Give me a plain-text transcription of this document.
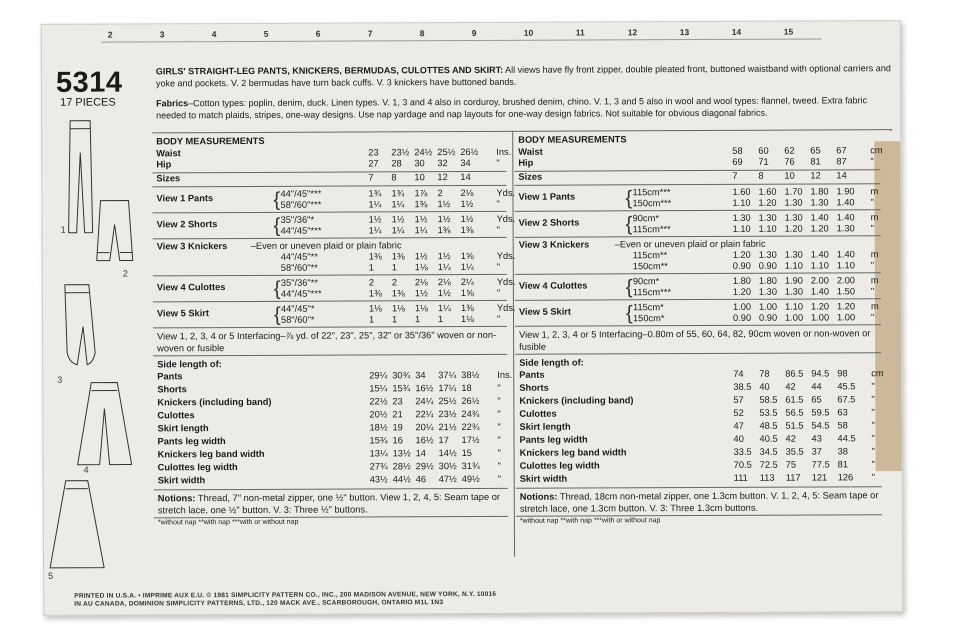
2	3	4	5	6	7	8	9	10	11	12	13	14	15
5314
17 PIECES
GIRLS' STRAIGHT-LEG PANTS, KNICKERS, BERMUDAS, CULOTTES AND SKIRT: All views have fly front zipper, double pleated front, buttoned waistband with optional carriers and yoke and pockets. V. 2 bermudas have turn back cuffs. V. 3 knickers have buttoned bands.
Fabrics–Cotton types: poplin, denim, duck. Linen types. V. 1, 3 and 4 also in corduroy, brushed denim, chino. V. 1, 3 and 5 also in wool and wool types: flannel, tweed. Extra fabric needed to match plaids, stripes, one-way designs. Use nap yardage and nap layouts for one-way design fabrics. Not suitable for obvious diagonal fabrics.
1
2
3
4
5
BODY MEASUREMENTS
Waist	23 23½ 24½ 25½ 26½ Ins.
Hip	27 28 30 32 34	"
Sizes	7 8 10 12 14
View 1 Pants	44"/45"***	1¾ 1¾ 1⅞ 2 2⅛ Yds.
58"/60"***	1¼ 1¼ 1⅜ 1½ 1½ "
{
View 2 Shorts	35"/36"*	1½ 1½ 1½ 1½ 1½ Yds.
44"/45"***	1¼ 1¼ 1¼ 1⅜ 1⅜ "
{
View 3 Knickers	–Even or uneven plaid or plain fabric
44"/45"**	1⅜ 1⅜ 1½ 1½ 1⅝ Yds.
58"/60"**	1 1 1⅛ 1¼ 1¼ "
View 4 Culottes	35"/36"**	2 2 2⅛ 2⅛ 2¼ Yds.
44"/45"***	1⅜ 1⅜ 1½ 1½ 1⅝ "
{
View 5 Skirt	44"/45"*	1⅛ 1⅛ 1⅛ 1¼ 1⅜ Yds.
58"/60"*	1 1 1 1 1⅛ "
{
View 1, 2, 3, 4 or 5 Interfacing–⅞ yd. of 22", 23", 25", 32" or 35"/36" woven or non-woven or fusible
Side length of:
Pants	29¼ 30¾ 34 37¼ 38½ Ins.
Shorts	15¼ 15¾ 16½ 17¼ 18	"
Knickers (including band)	22½ 23 24¼ 25½ 26½ "
Culottes	20½ 21 22¼ 23½ 24¾ "
Skirt length	18½ 19 20¼ 21½ 22¾ "
Pants leg width	15¾ 16 16½ 17 17½ "
Knickers leg band width	13¼ 13½ 14 14½ 15	"
Culottes leg width	27¾ 28½ 29½ 30½ 31¾ "
Skirt width	43½ 44½ 46 47½ 49½ "
Notions: Thread, 7" non-metal zipper, one ½" button. View 1, 2, 4, 5: Seam tape or stretch lace, one ½" button. V. 3: Three ½" buttons.
*without nap **with nap ***with or without nap
BODY MEASUREMENTS
Waist	58 60 62 65 67	cm
Hip	69 71 76 81 87	"
Sizes	7 8 10 12 14
View 1 Pants	115cm***	1.60 1.60 1.70 1.80 1.90 m
150cm***	1.10 1.20 1.30 1.30 1.40 "
{
View 2 Shorts	90cm*	1.30 1.30 1.30 1.40 1.40 m
115cm***	1.10 1.10 1.20 1.20 1.30 "
{
View 3 Knickers	–Even or uneven plaid or plain fabric
115cm**	1.20 1.30 1.30 1.40 1.40 m
150cm**	0.90 0.90 1.10 1.10 1.10 "
View 4 Culottes	90cm*	1.80 1.80 1.90 2.00 2.00 m
115cm***	1.20 1.30 1.30 1.40 1.50 "
{
View 5 Skirt	115cm*	1.00 1.00 1.10 1.20 1.20 m
150cm*	0.90 0.90 1.00 1.00 1.00 "
{
View 1, 2, 3, 4 or 5 Interfacing–0.80m of 55, 60, 64, 82, 90cm woven or non-woven or fusible
Side length of:
Pants	74 78 86.5 94.5 98	cm
Shorts	38.5 40 42 44 45.5 "
Knickers (including band)	57 58.5 61.5 65 67.5 "
Culottes	52 53.5 56.5 59.5 63	"
Skirt length	47 48.5 51.5 54.5 58	"
Pants leg width	40 40.5 42 43 44.5 "
Knickers leg band width	33.5 34.5 35.5 37 38	"
Culottes leg width	70.5 72.5 75 77.5 81	"
Skirt width	111 113 117 121 126 "
Notions: Thread, 18cm non-metal zipper, one 1.3cm button. V. 1, 2, 4, 5: Seam tape or stretch lace, one 1.3cm button. V. 3: Three 1.3cm buttons.
*without nap **with nap ***with or without nap
PRINTED IN U.S.A. • IMPRIME AUX E.U. © 1981 SIMPLICITY PATTERN CO., INC., 200 MADISON AVENUE, NEW YORK, N.Y. 10016
IN AU CANADA, DOMINION SIMPLICITY PATTERNS, LTD., 120 MACK AVE., SCARBOROUGH, ONTARIO M1L 1N3
